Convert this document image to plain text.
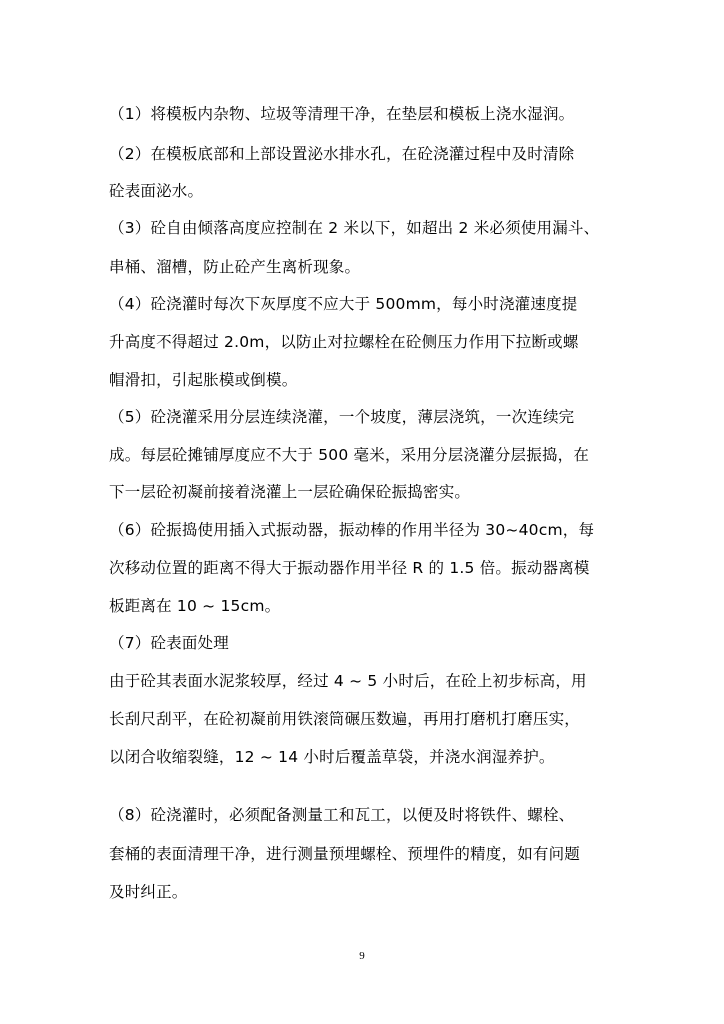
（1）将模板内杂物、垃圾等清理干净，在垫层和模板上浇水湿润。
（2）在模板底部和上部设置泌水排水孔，在砼浇灌过程中及时清除
砼表面泌水。
（3）砼自由倾落高度应控制在 2 米以下，如超出 2 米必须使用漏斗、
串桶、溜槽，防止砼产生离析现象。
（4）砼浇灌时每次下灰厚度不应大于 500mm，每小时浇灌速度提
升高度不得超过 2.0m，以防止对拉螺栓在砼侧压力作用下拉断或螺
帽滑扣，引起胀模或倒模。
（5）砼浇灌采用分层连续浇灌，一个坡度，薄层浇筑，一次连续完
成。每层砼摊铺厚度应不大于 500 毫米，采用分层浇灌分层振捣，在
下一层砼初凝前接着浇灌上一层砼确保砼振捣密实。
（6）砼振捣使用插入式振动器，振动棒的作用半径为 30~40cm，每
次移动位置的距离不得大于振动器作用半径 R 的 1.5 倍。振动器离模
板距离在 10 ~ 15cm。
（7）砼表面处理
由于砼其表面水泥浆较厚，经过 4 ~ 5 小时后，在砼上初步标高，用
长刮尺刮平，在砼初凝前用铁滚筒碾压数遍，再用打磨机打磨压实，
以闭合收缩裂缝，12 ~ 14 小时后覆盖草袋，并浇水润湿养护。
（8）砼浇灌时，必须配备测量工和瓦工，以便及时将铁件、螺栓、
套桶的表面清理干净，进行测量预埋螺栓、预埋件的精度，如有问题
及时纠正。
9
